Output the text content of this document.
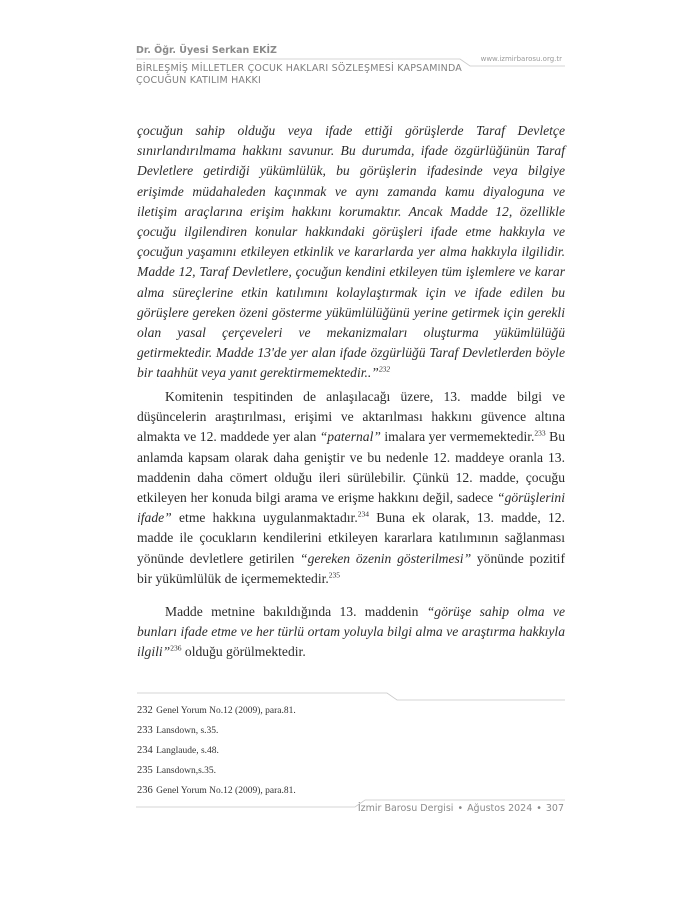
Dr. Öğr. Üyesi Serkan EKİZ
BİRLEŞMİŞ MİLLETLER ÇOCUK HAKLARI SÖZLEŞMESİ KAPSAMINDA
ÇOCUĞUN KATILIM HAKKI
www.izmirbarosu.org.tr
çocuğun sahip olduğu veya ifade ettiği görüşlerde Taraf Devletçe sınırlandırılmama hakkını savunur. Bu durumda, ifade özgürlüğünün Taraf Devletlere getirdiği yükümlülük, bu görüşlerin ifadesinde veya bilgiye erişimde müdahaleden kaçınmak ve aynı zamanda kamu diyaloguna ve iletişim araçlarına erişim hakkını korumaktır. Ancak Madde 12, özellikle çocuğu ilgilendiren konular hakkındaki görüşleri ifade etme hakkıyla ve çocuğun yaşamını etkileyen etkinlik ve kararlarda yer alma hakkıyla ilgilidir. Madde 12, Taraf Devletlere, çocuğun kendini etkileyen tüm işlemlere ve karar alma süreçlerine etkin katılımını kolaylaştırmak için ve ifade edilen bu görüşlere gereken özeni gösterme yükümlülüğünü yerine getirmek için gerekli olan yasal çerçeveleri ve mekanizmaları oluşturma yükümlülüğü getirmektedir. Madde 13'de yer alan ifade özgürlüğü Taraf Devletlerden böyle bir taahhüt veya yanıt gerektirmemektedir..”$^{232}$
Komitenin tespitinden de anlaşılacağı üzere, 13. madde bilgi ve düşüncelerin araştırılması, erişimi ve aktarılması hakkını güvence altına almakta ve 12. maddede yer alan “paternal” imalara yer vermemektedir.$^{233}$ Bu anlamda kapsam olarak daha geniştir ve bu nedenle 12. maddeye oranla 13. maddenin daha cömert olduğu ileri sürülebilir. Çünkü 12. madde, çocuğu etkileyen her konuda bilgi arama ve erişme hakkını değil, sadece “görüşlerini ifade” etme hakkına uygulanmaktadır.$^{234}$ Buna ek olarak, 13. madde, 12. madde ile çocukların kendilerini etkileyen kararlara katılımının sağlanması yönünde devletlere getirilen “gereken özenin gösterilmesi” yönünde pozitif bir yükümlülük de içermemektedir.$^{235}$
Madde metnine bakıldığında 13. maddenin “görüşe sahip olma ve bunları ifade etme ve her türlü ortam yoluyla bilgi alma ve araştırma hakkıyla ilgili”$^{236}$ olduğu görülmektedir.
232 Genel Yorum No.12 (2009), para.81.
233 Lansdown, s.35.
234 Langlaude, s.48.
235 Lansdown,s.35.
236 Genel Yorum No.12 (2009), para.81.
İzmir Barosu Dergisi • Ağustos 2024 • 307
